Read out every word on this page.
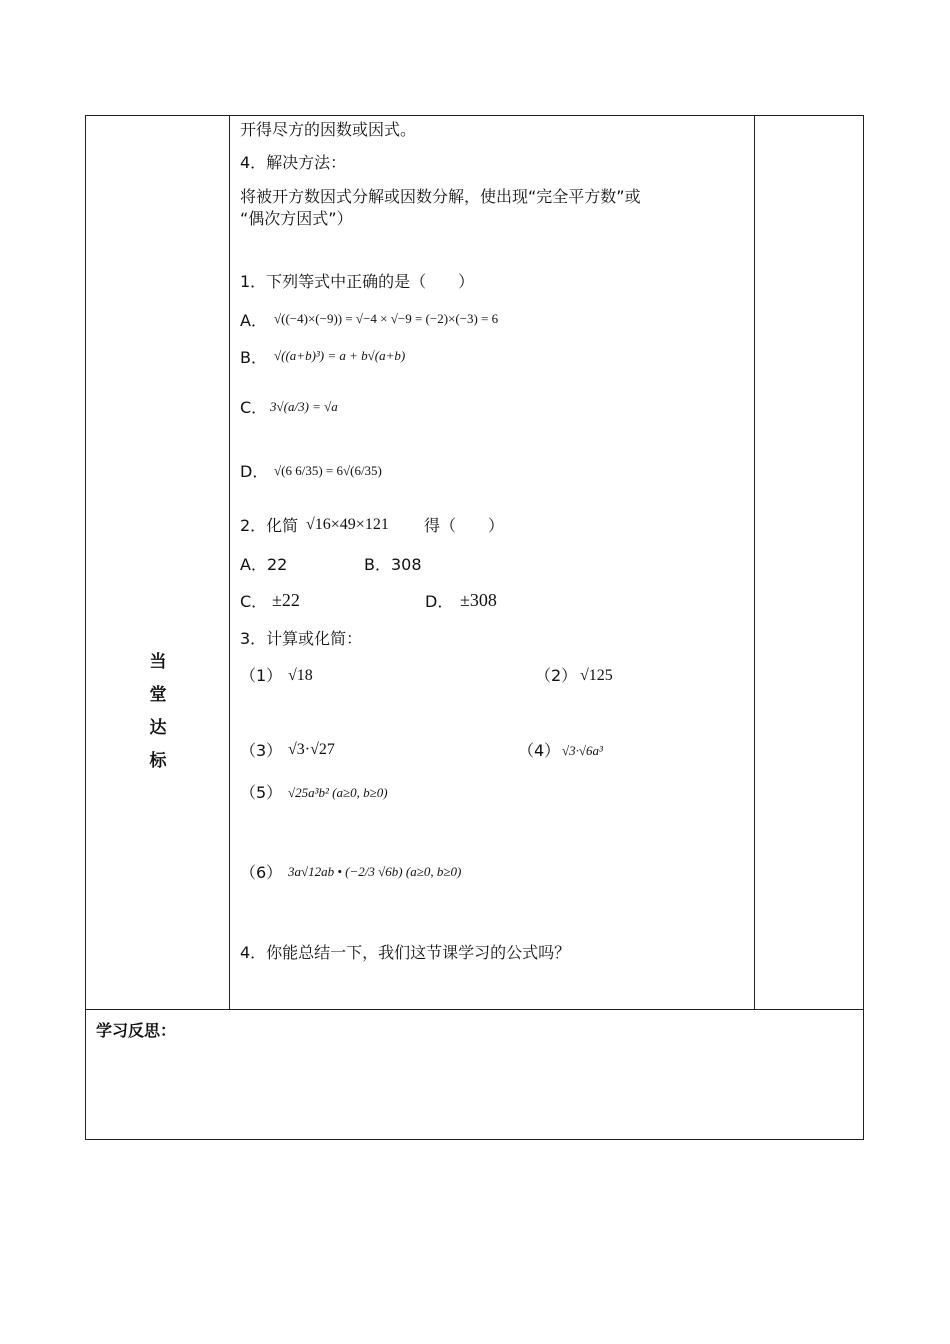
当
堂
达
标
学习反思：
开得尽方的因数或因式。
4．解决方法：
将被开方数因式分解或因数分解，使出现“完全平方数”或
“偶次方因式”）
1．下列等式中正确的是（　　）
A． √((−4)×(−9)) = √−4 × √−9 = (−2)×(−3) = 6
B． √((a+b)³) = a + b√(a+b)
C． 3√(a/3) = √a
D． √(6 6/35) = 6√(6/35)
2．化简 √16×49×121 得（　　）
A．22	B．308
C． ±22	D． ±308
3．计算或化简：
（1） √18	（2） √125
（3） √3·√27	（4） √3·√6a³
（5） √25a³b² (a≥0, b≥0)
（6） 3a√12ab • (−2/3 √6b) (a≥0, b≥0)
4．你能总结一下，我们这节课学习的公式吗？
